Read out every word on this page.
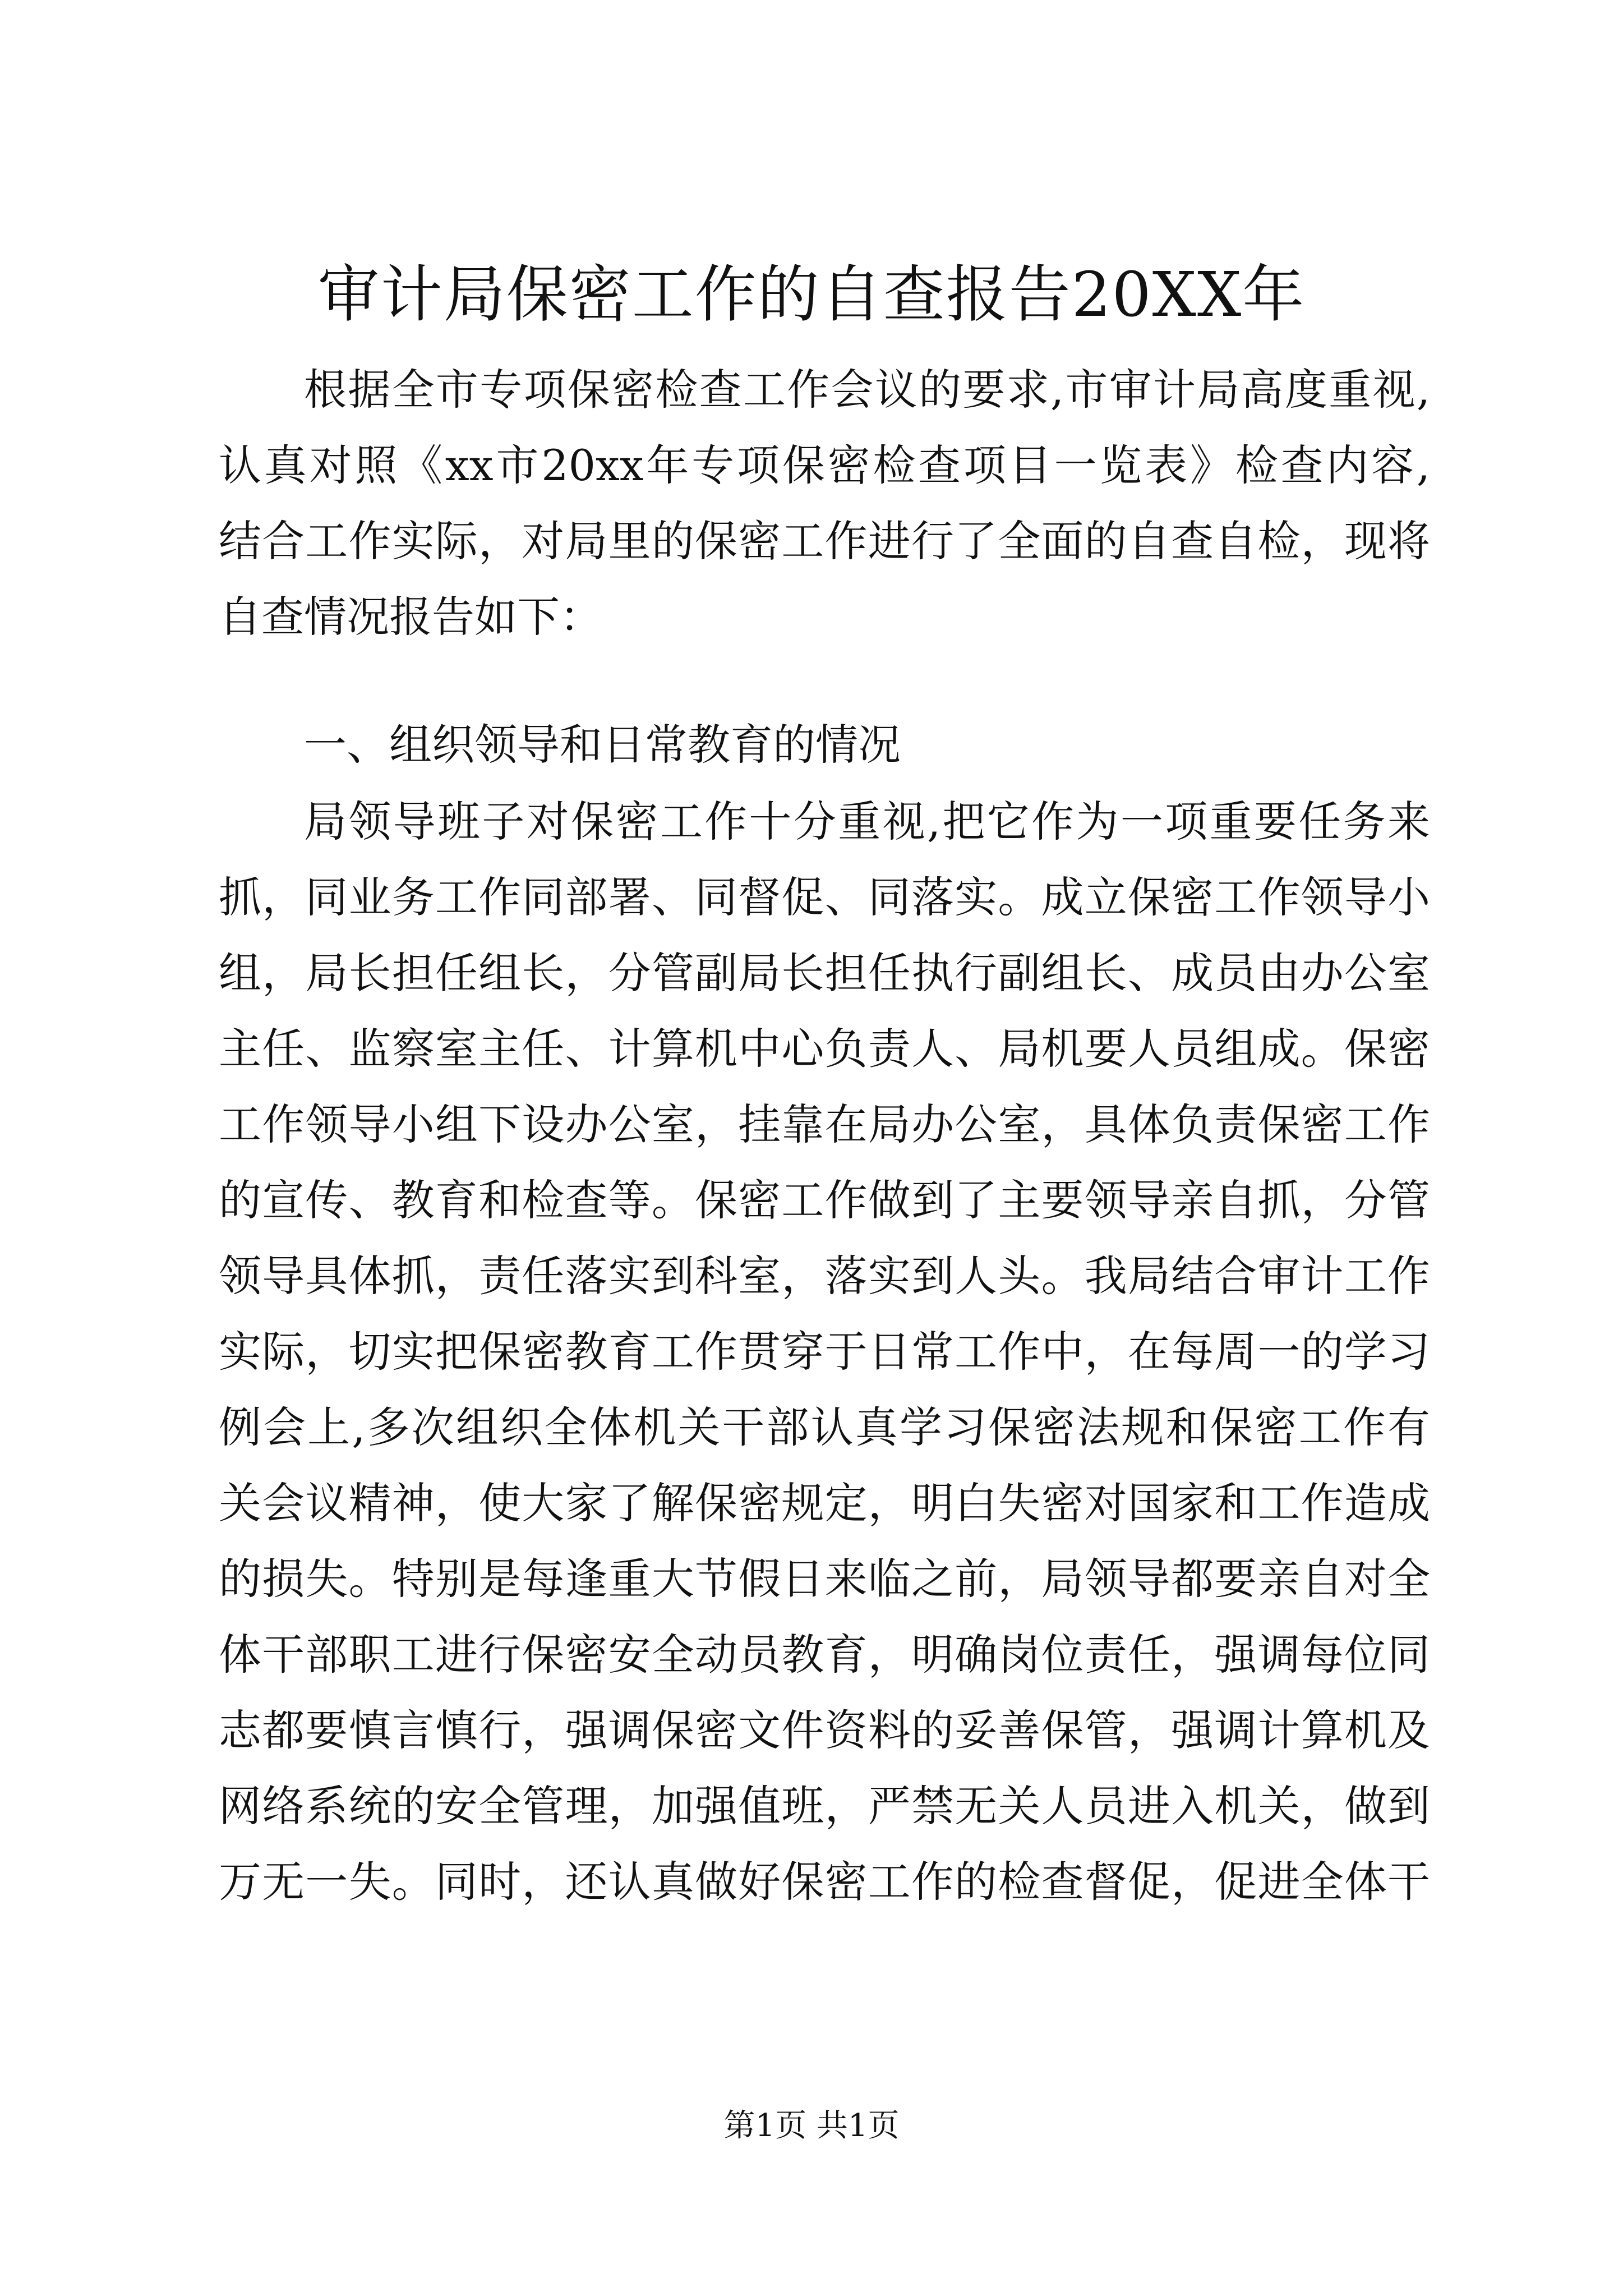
审计局保密工作的自查报告20XX年

根据全市专项保密检查工作会议的要求,市审计局高度重视,

认真对照《xx市20xx年专项保密检查项目一览表》检查内容,

结合工作实际，对局里的保密工作进行了全面的自查自检，现将

自查情况报告如下：

一、组织领导和日常教育的情况

局领导班子对保密工作十分重视,把它作为一项重要任务来

抓，同业务工作同部署、同督促、同落实。成立保密工作领导小

组，局长担任组长，分管副局长担任执行副组长、成员由办公室

主任、监察室主任、计算机中心负责人、局机要人员组成。保密

工作领导小组下设办公室，挂靠在局办公室，具体负责保密工作

的宣传、教育和检查等。保密工作做到了主要领导亲自抓，分管

领导具体抓，责任落实到科室，落实到人头。我局结合审计工作

实际，切实把保密教育工作贯穿于日常工作中，在每周一的学习

例会上,多次组织全体机关干部认真学习保密法规和保密工作有

关会议精神，使大家了解保密规定，明白失密对国家和工作造成

的损失。特别是每逢重大节假日来临之前，局领导都要亲自对全

体干部职工进行保密安全动员教育，明确岗位责任，强调每位同

志都要慎言慎行，强调保密文件资料的妥善保管，强调计算机及

网络系统的安全管理，加强值班，严禁无关人员进入机关，做到

万无一失。同时，还认真做好保密工作的检查督促，促进全体干

第1页 共1页
